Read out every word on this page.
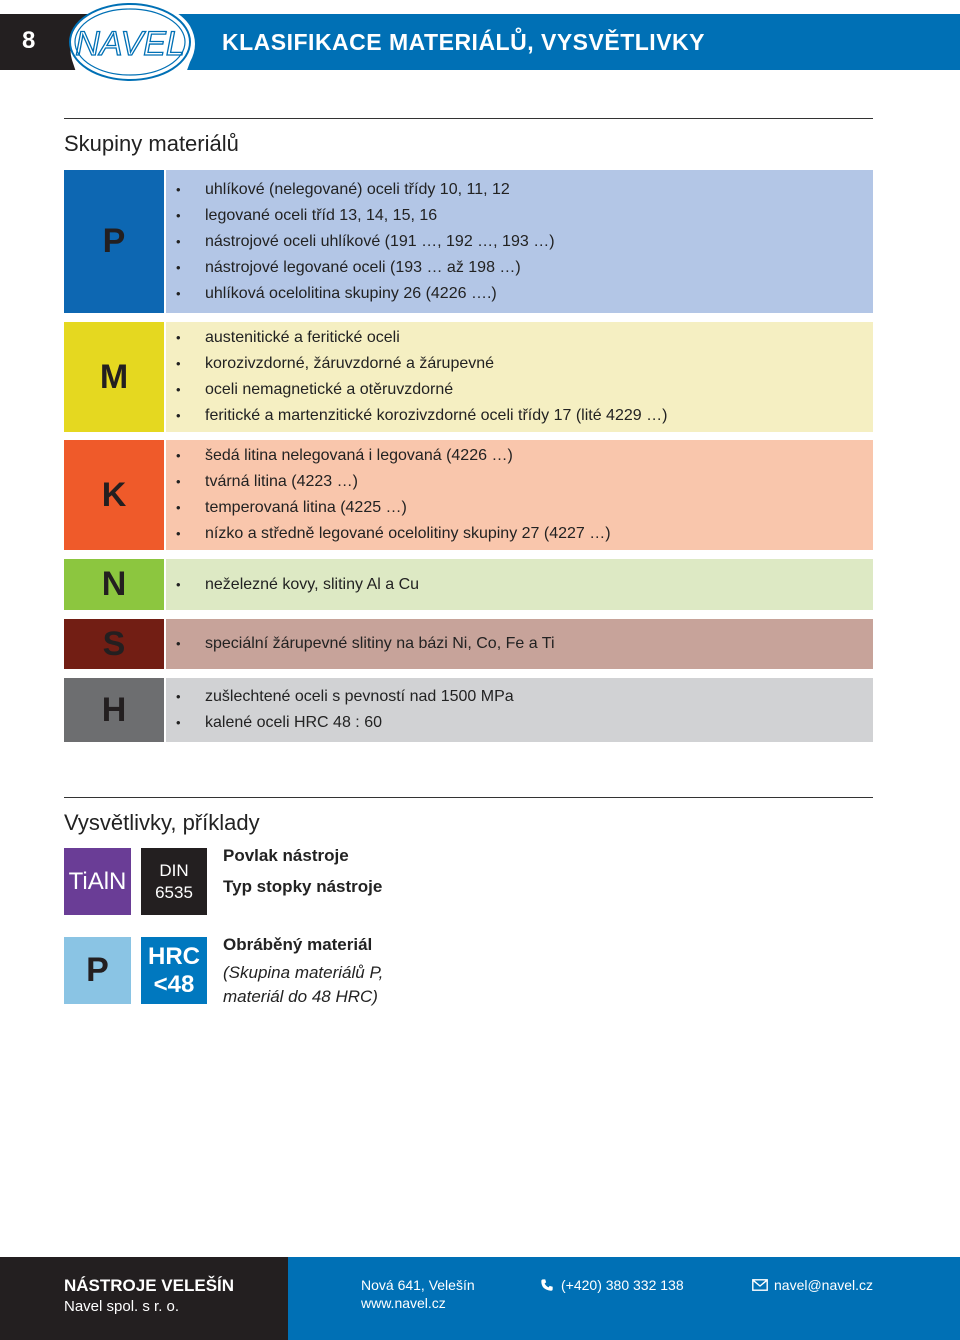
8 NAVEL KLASIFIKACE MATERIÁLŮ, VYSVĚTLIVKY
Skupiny materiálů
P
• uhlíkové (nelegované) oceli třídy 10, 11, 12
• legované oceli tříd 13, 14, 15, 16
• nástrojové oceli uhlíkové (191 …, 192 …, 193 …)
• nástrojové legované oceli (193 … až 198 …)
• uhlíková ocelolitina skupiny 26 (4226 ….)
M
• austenitické a feritické oceli
• korozivzdorné, žáruvzdorné a žárupevné
• oceli nemagnetické a otěruvzdorné
• feritické a martenzitické korozivzdorné oceli třídy 17 (lité 4229 …)
K
• šedá litina nelegovaná i legovaná (4226 …)
• tvárná litina (4223 …)
• temperovaná litina (4225 …)
• nízko a středně legované ocelolitiny skupiny 27 (4227 …)
N	• neželezné kovy, slitiny Al a Cu
S	• speciální žárupevné slitiny na bázi Ni, Co, Fe a Ti
H	• zušlechtené oceli s pevností nad 1500 MPa
• kalené oceli HRC 48 : 60
Vysvětlivky, příklady
TiAlN DIN
6535
Povlak nástroje
Typ stopky nástroje
P HRC
<48
Obráběný materiál
(Skupina materiálů P,
materiál do 48 HRC)
NÁSTROJE VELEŠÍN
Navel spol. s r. o.
Nová 641, Velešín
www.navel.cz
(+420) 380 332 138	navel@navel.cz
